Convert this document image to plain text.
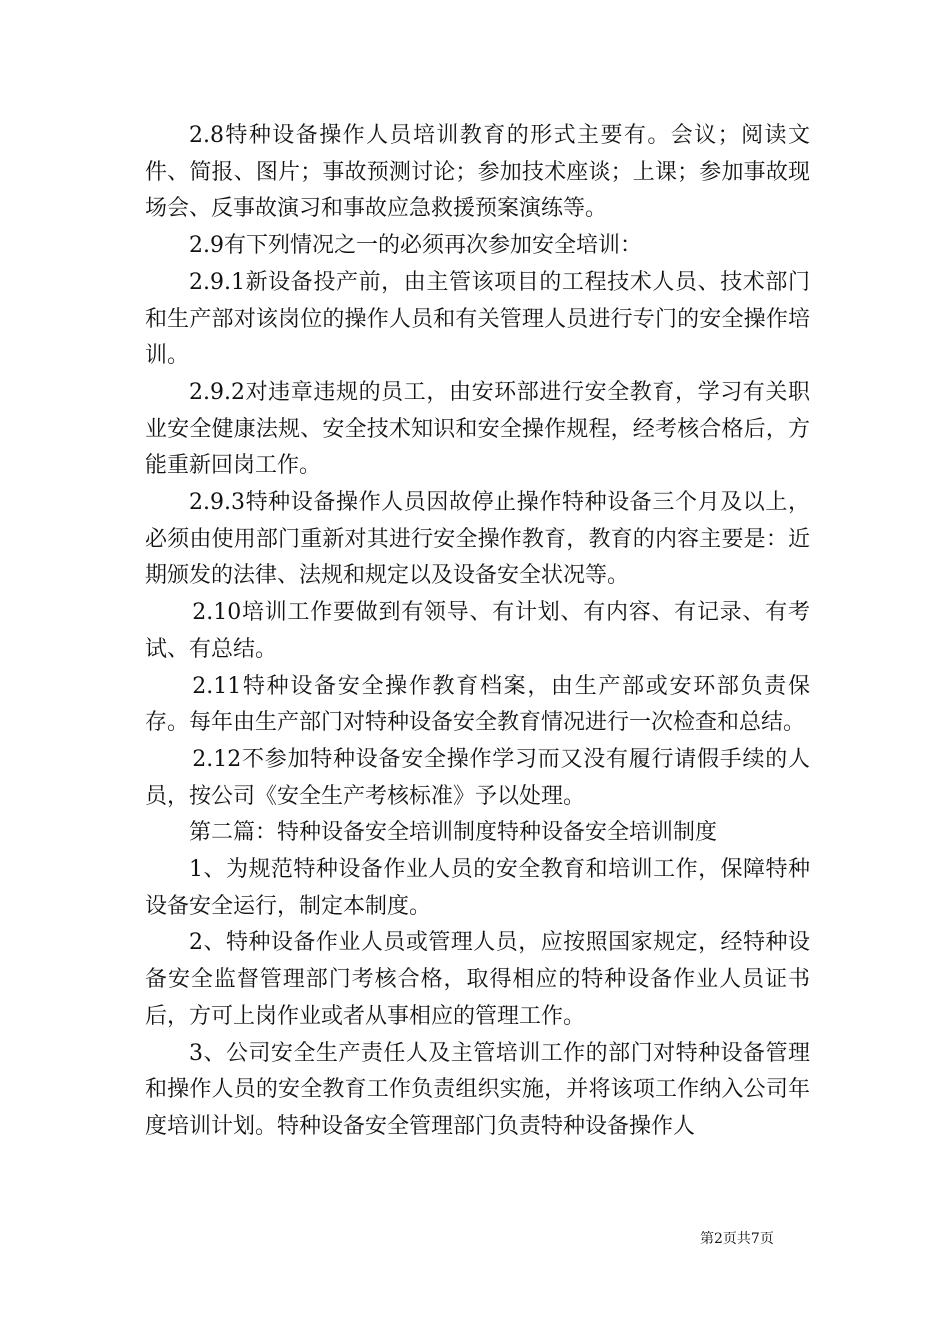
2.8特种设备操作人员培训教育的形式主要有。会议；阅读文件、简报、图片；事故预测讨论；参加技术座谈；上课；参加事故现场会、反事故演习和事故应急救援预案演练等。

2.9有下列情况之一的必须再次参加安全培训：

2.9.1新设备投产前，由主管该项目的工程技术人员、技术部门和生产部对该岗位的操作人员和有关管理人员进行专门的安全操作培训。

2.9.2对违章违规的员工，由安环部进行安全教育，学习有关职业安全健康法规、安全技术知识和安全操作规程，经考核合格后，方能重新回岗工作。

2.9.3特种设备操作人员因故停止操作特种设备三个月及以上，必须由使用部门重新对其进行安全操作教育，教育的内容主要是：近期颁发的法律、法规和规定以及设备安全状况等。

2.10培训工作要做到有领导、有计划、有内容、有记录、有考试、有总结。

2.11特种设备安全操作教育档案，由生产部或安环部负责保存。每年由生产部门对特种设备安全教育情况进行一次检查和总结。

2.12不参加特种设备安全操作学习而又没有履行请假手续的人员，按公司《安全生产考核标准》予以处理。

第二篇：特种设备安全培训制度特种设备安全培训制度

1、为规范特种设备作业人员的安全教育和培训工作，保障特种设备安全运行，制定本制度。

2、特种设备作业人员或管理人员，应按照国家规定，经特种设备安全监督管理部门考核合格，取得相应的特种设备作业人员证书后，方可上岗作业或者从事相应的管理工作。

3、公司安全生产责任人及主管培训工作的部门对特种设备管理和操作人员的安全教育工作负责组织实施，并将该项工作纳入公司年度培训计划。特种设备安全管理部门负责特种设备操作人

第2页共7页
